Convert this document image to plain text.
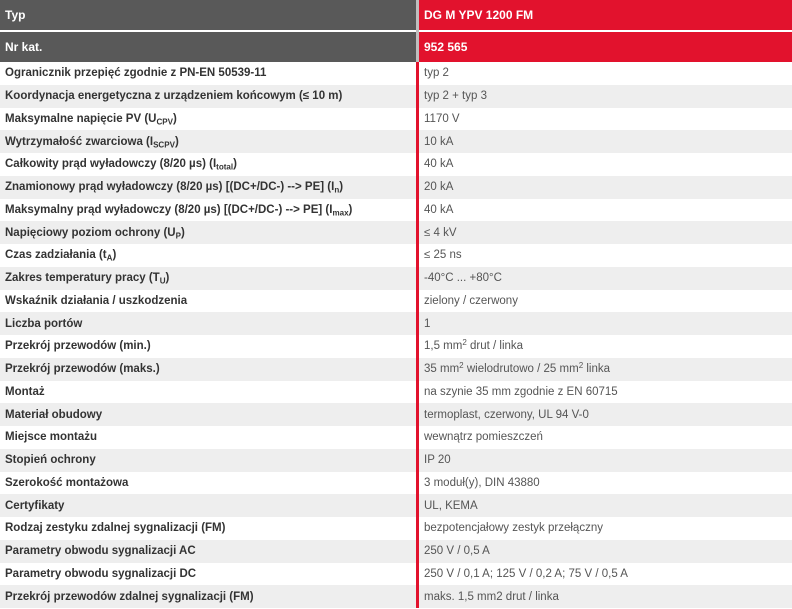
Typ		DG M YPV 1200 FM

Nr kat.		952 565
Ogranicznik przepięć zgodnie z PN-EN 50539-11		typ 2
Koordynacja energetyczna z urządzeniem końcowym (≤ 10 m)		typ 2 + typ 3
Maksymalne napięcie PV $(U_{CPV})$		1170 V
Wytrzymałość zwarciowa $(I_{SCPV})$		10 kA
Całkowity prąd wyładowczy (8/20 µs) $(I_{total})$		40 kA
Znamionowy prąd wyładowczy (8/20 µs) [(DC+/DC-) --> PE] $(I_n)$		20 kA
Maksymalny prąd wyładowczy (8/20 µs) [(DC+/DC-) --> PE] $(I_{max})$		40 kA
Napięciowy poziom ochrony $(U_P)$		≤ 4 kV
Czas zadziałania $(t_A)$		≤ 25 ns
Zakres temperatury pracy $(T_U)$		-40°C ... +80°C
Wskaźnik działania / uszkodzenia		zielony / czerwony
Liczba portów		1
Przekrój przewodów (min.)		1,5 $mm^2$ drut / linka
Przekrój przewodów (maks.)		35 $mm^2$ wielodrutowo / 25 $mm^2$ linka
Montaż		na szynie 35 mm zgodnie z EN 60715
Materiał obudowy		termoplast, czerwony, UL 94 V-0
Miejsce montażu		wewnątrz pomieszczeń
Stopień ochrony		IP 20
Szerokość montażowa		3 moduł(y), DIN 43880
Certyfikaty		UL, KEMA
Rodzaj zestyku zdalnej sygnalizacji (FM)		bezpotencjałowy zestyk przełączny
Parametry obwodu sygnalizacji AC		250 V / 0,5 A
Parametry obwodu sygnalizacji DC		250 V / 0,1 A; 125 V / 0,2 A; 75 V / 0,5 A
Przekrój przewodów zdalnej sygnalizacji (FM)		maks. 1,5 mm2 drut / linka
